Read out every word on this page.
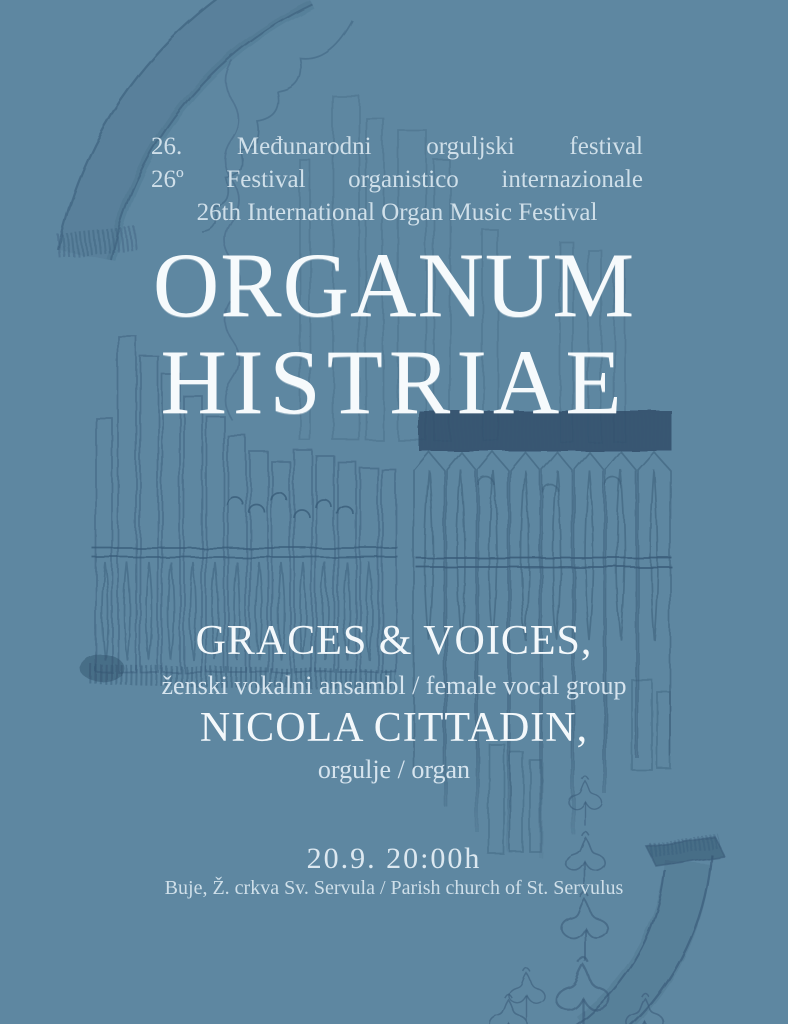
26. Međunarodni orguljski festival
26º Festival organistico internazionale
26th International Organ Music Festival
ORGANUM
HISTRIAE
GRACES & VOICES,
ženski vokalni ansambl / female vocal group
NICOLA CITTADIN,
orgulje / organ
20.9. 20:00h
Buje, Ž. crkva Sv. Servula / Parish church of St. Servulus
